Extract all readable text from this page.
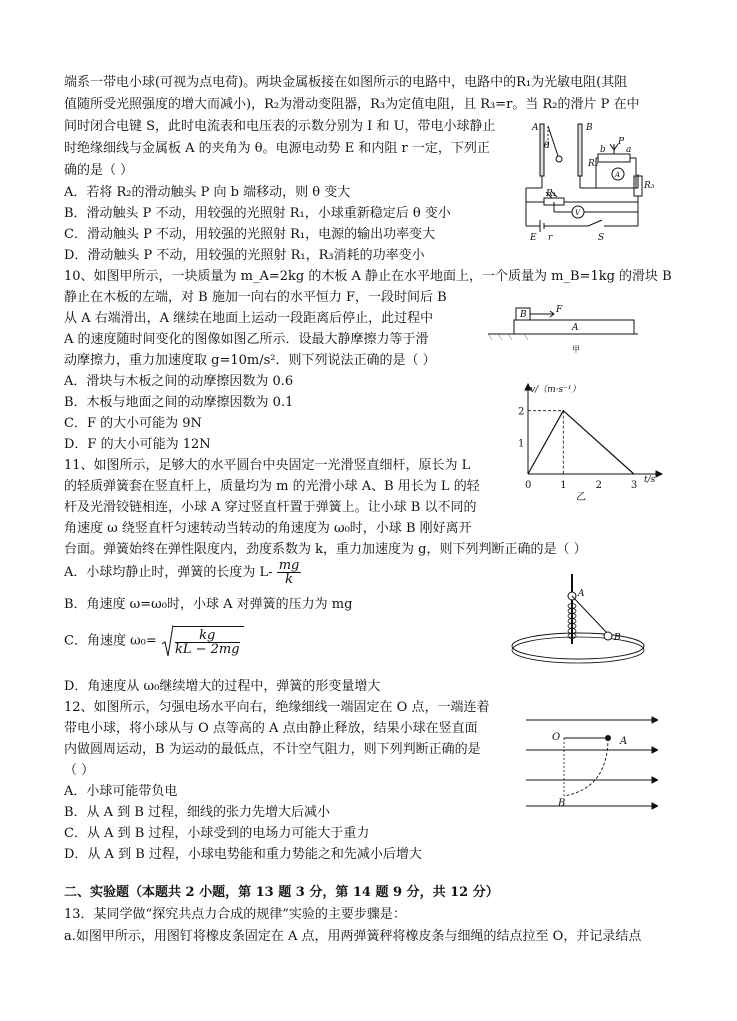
端系一带电小球(可视为点电荷)。两块金属板接在如图所示的电路中，电路中的R₁为光敏电阻(其阻
值随所受光照强度的增大而减小)，R₂为滑动变阻器，R₃为定值电阻，且 R₃=r。当 R₂的滑片 P 在中
间时闭合电键 S，此时电流表和电压表的示数分别为 I 和 U，带电小球静止
时绝缘细线与金属板 A 的夹角为 θ。电源电动势 E 和内阻 r 一定，下列正
确的是（ ）
A．若将 R₂的滑动触头 P 向 b 端移动，则 θ 变大
B．滑动触头 P 不动，用较强的光照射 R₁，小球重新稳定后 θ 变小
C．滑动触头 P 不动，用较强的光照射 R₁，电源的输出功率变大
D．滑动触头 P 不动，用较强的光照射 R₁，R₃消耗的功率变小
A	B
θ	P
b a
R₂
A
R₃
R₁
V
E r	S
10、如图甲所示，一块质量为 m_A=2kg 的木板 A 静止在水平地面上，一个质量为 m_B=1kg 的滑块 B
静止在木板的左端，对 B 施加一向右的水平恒力 F，一段时间后 B
从 A 右端滑出，A 继续在地面上运动一段距离后停止，此过程中
A 的速度随时间变化的图像如图乙所示．设最大静摩擦力等于滑
动摩擦力，重力加速度取 g=10m/s²．则下列说法正确的是（ ）
A．滑块与木板之间的动摩擦因数为 0.6
B．木板与地面之间的动摩擦因数为 0.1
C．F 的大小可能为 9N
D．F 的大小可能为 12N
B	F
A
甲
2
1
0	1	2	3
v/（m·s⁻¹）
t/s
乙
11、如图所示，足够大的水平圆台中央固定一光滑竖直细杆，原长为 L
的轻质弹簧套在竖直杆上，质量均为 m 的光滑小球 A、B 用长为 L 的轻
杆及光滑铰链相连，小球 A 穿过竖直杆置于弹簧上。让小球 B 以不同的
角速度 ω 绕竖直杆匀速转动当转动的角速度为 ω₀时，小球 B 刚好离开
台面。弹簧始终在弹性限度内，劲度系数为 k，重力加速度为 g，则下列判断正确的是（ ）
A．小球均静止时，弹簧的长度为 $L- \frac{mg}{k}$
B．角速度 ω=ω₀时，小球 A 对弹簧的压力为 mg
C．角速度 $\omega_0= \frac{kg}{kL - 2mg}$
D．角速度从 ω₀继续增大的过程中，弹簧的形变量增大
A
B
12、如图所示，匀强电场水平向右，绝缘细线一端固定在 O 点，一端连着
带电小球，将小球从与 O 点等高的 A 点由静止释放，结果小球在竖直面
内做圆周运动，B 为运动的最低点，不计空气阻力，则下列判断正确的是
（ ）
A．小球可能带负电
B．从 A 到 B 过程，细线的张力先增大后减小
C．从 A 到 B 过程，小球受到的电场力可能大于重力
D．从 A 到 B 过程，小球电势能和重力势能之和先减小后增大
O	A
B
二、实验题（本题共 2 小题，第 13 题 3 分，第 14 题 9 分，共 12 分）
13．某同学做“探究共点力合成的规律”实验的主要步骤是：
a.如图甲所示，用图钉将橡皮条固定在 A 点，用两弹簧秤将橡皮条与细绳的结点拉至 O，并记录结点
